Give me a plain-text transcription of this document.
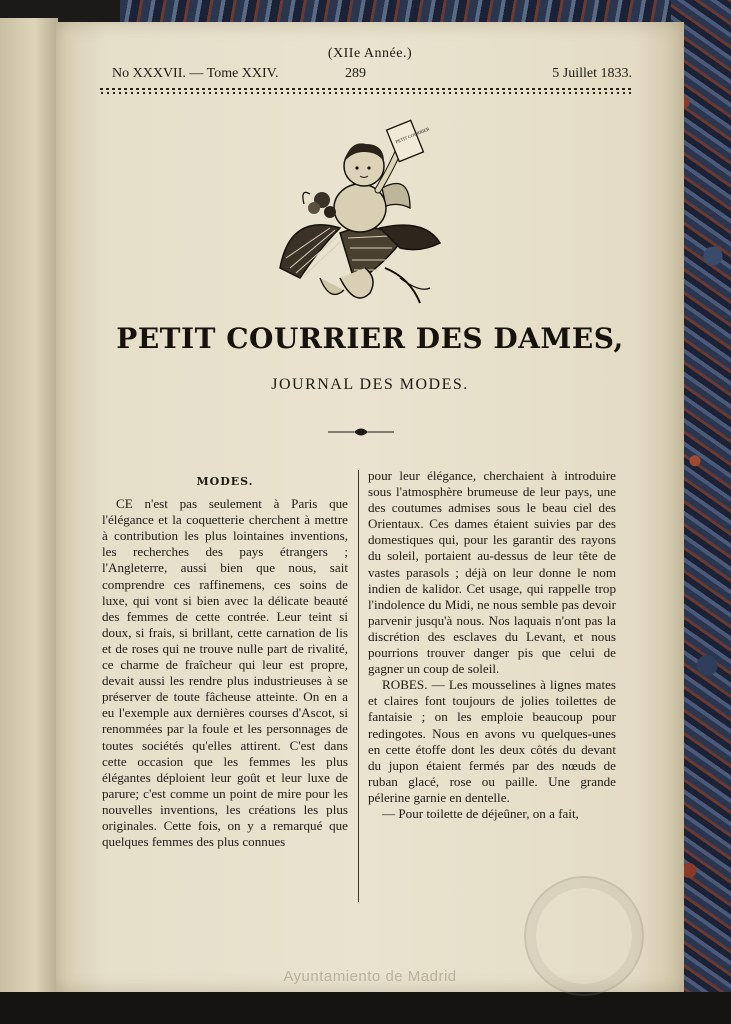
(XIIe Année.)
No XXXVII. — Tome XXIV.	289	5 Juillet 1833.
PETIT COURRIER
PETIT COURRIER DES DAMES,
JOURNAL DES MODES.
MODES.

CE n'est pas seulement à Paris que l'élégance et la coquetterie cherchent à mettre à contribution les plus lointaines inventions, les recherches des pays étrangers ; l'Angleterre, aussi bien que nous, sait comprendre ces raffinemens, ces soins de luxe, qui vont si bien avec la délicate beauté des femmes de cette contrée. Leur teint si doux, si frais, si brillant, cette carnation de lis et de roses qui ne trouve nulle part de rivalité, ce charme de fraîcheur qui leur est propre, devait aussi les rendre plus industrieuses à se préserver de toute fâcheuse atteinte. On en a eu l'exemple aux dernières courses d'Ascot, si renommées par la foule et les personnages de toutes sociétés qu'elles attirent. C'est dans cette occasion que les femmes les plus élégantes déploient leur goût et leur luxe de parure; c'est comme un point de mire pour les nouvelles inventions, les créations les plus originales. Cette fois, on y a remarqué que quelques femmes des plus connues

pour leur élégance, cherchaient à introduire sous l'atmosphère brumeuse de leur pays, une des coutumes admises sous le beau ciel des Orientaux. Ces dames étaient suivies par des domestiques qui, pour les garantir des rayons du soleil, portaient au-dessus de leur tête de vastes parasols ; déjà on leur donne le nom indien de kalidor. Cet usage, qui rappelle trop l'indolence du Midi, ne nous semble pas devoir parvenir jusqu'à nous. Nos laquais n'ont pas la discrétion des esclaves du Levant, et nous pourrions trouver danger pis que celui de gagner un coup de soleil.

ROBES. — Les mousselines à lignes mates et claires font toujours de jolies toilettes de fantaisie ; on les emploie beaucoup pour redingotes. Nous en avons vu quelques-unes en cette étoffe dont les deux côtés du devant du jupon étaient fermés par des nœuds de ruban glacé, rose ou paille. Une grande pélerine garnie en dentelle.

— Pour toilette de déjeûner, on a fait,

Ayuntamiento de Madrid
